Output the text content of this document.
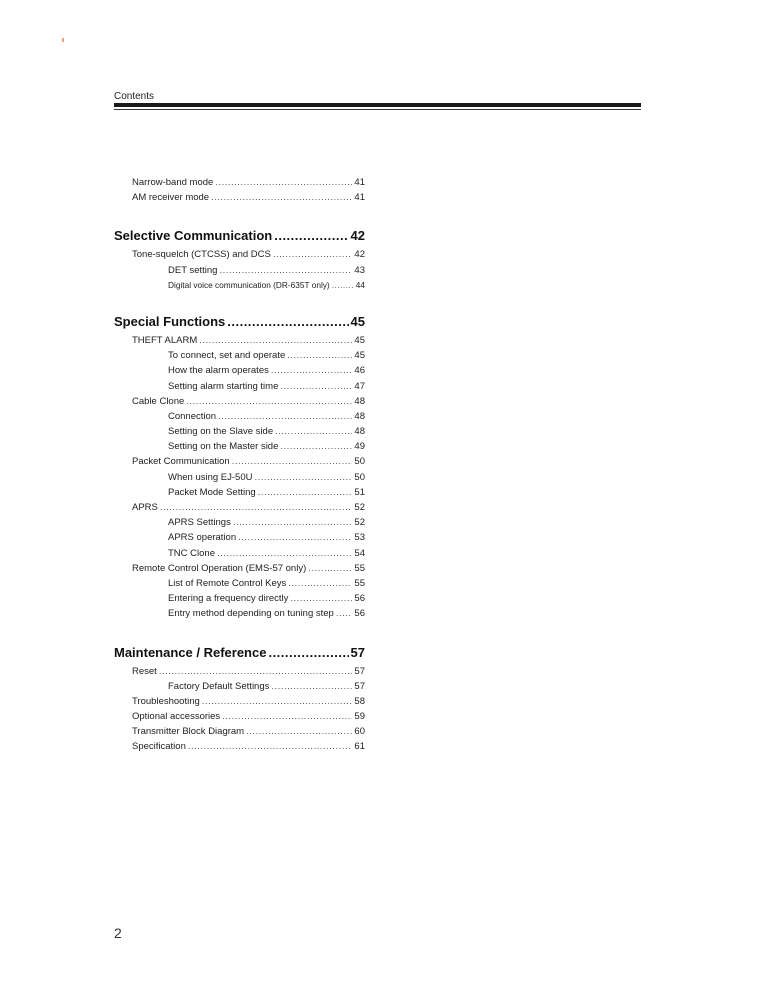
Contents
Narrow-band mode .....	41
AM receiver mode .....	41
Selective Communication .....	42
Tone-squelch (CTCSS) and DCS .....	42
DET setting .....	43
Digital voice communication (DR-635T only) .....	44
Special Functions .....	45
THEFT ALARM .....	45
To connect, set and operate .....	45
How the alarm operates .....	46
Setting alarm starting time .....	47
Cable Clone .....	48
Connection .....	48
Setting on the Slave side .....	48
Setting on the Master side .....	49
Packet Communication .....	50
When using EJ-50U .....	50
Packet Mode Setting .....	51
APRS .....	52
APRS Settings .....	52
APRS operation .....	53
TNC Clone .....	54
Remote Control Operation (EMS-57 only) .....	55
List of Remote Control Keys .....	55
Entering a frequency directly .....	56
Entry method depending on tuning step ..... 56
Maintenance / Reference .....	57
Reset .....	57
Factory Default Settings .....	57
Troubleshooting .....	58
Optional accessories .....	59
Transmitter Block Diagram .....	60
Specification .....	61
2
